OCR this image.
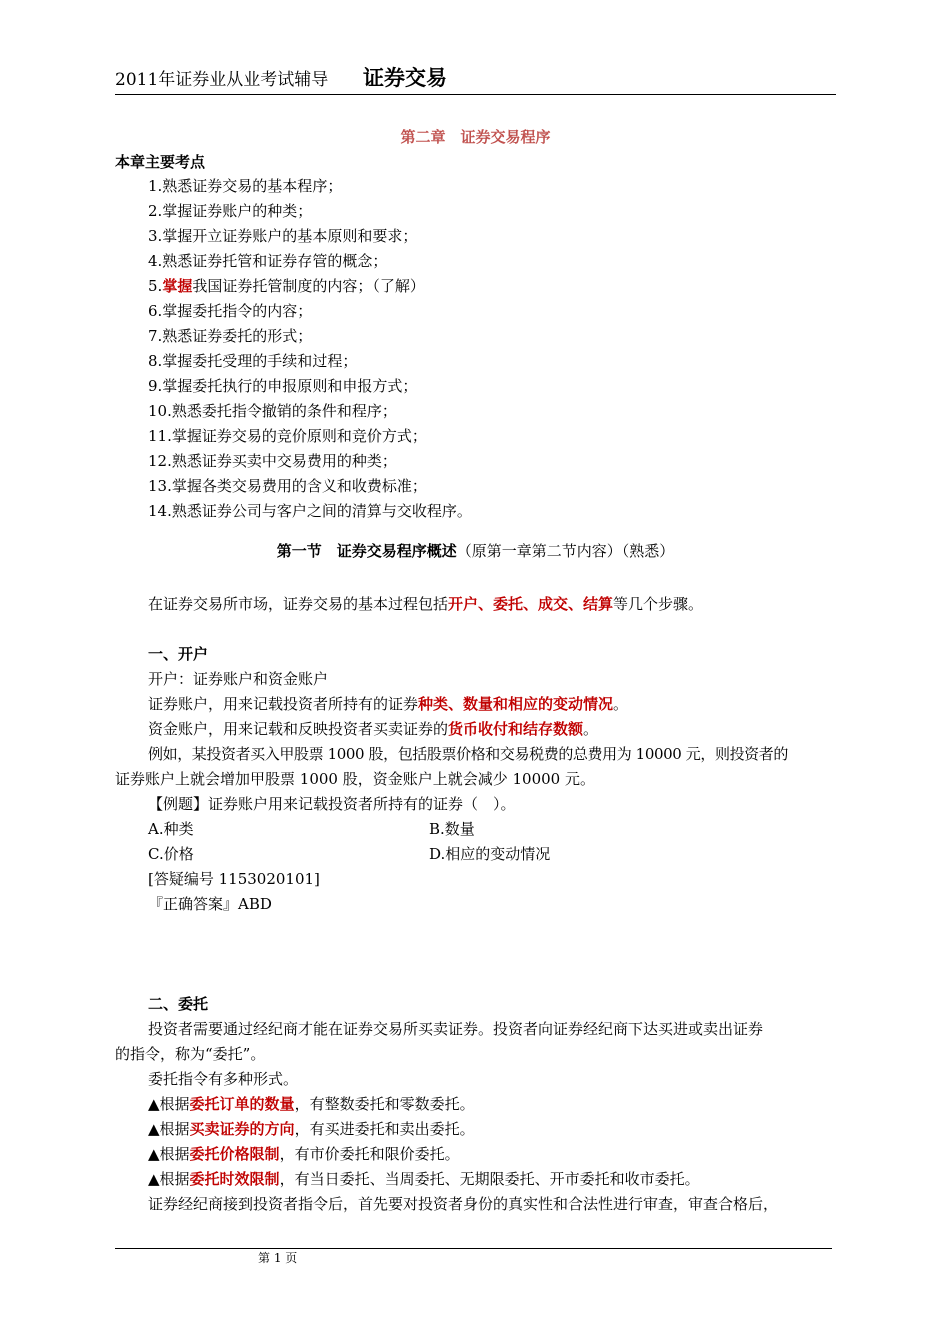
2011年证券业从业考试辅导 证券交易
第二章　证券交易程序
本章主要考点
1.熟悉证券交易的基本程序；
2.掌握证券账户的种类；
3.掌握开立证券账户的基本原则和要求；
4.熟悉证券托管和证券存管的概念；
5.掌握我国证券托管制度的内容；（了解）
6.掌握委托指令的内容；
7.熟悉证券委托的形式；
8.掌握委托受理的手续和过程；
9.掌握委托执行的申报原则和申报方式；
10.熟悉委托指令撤销的条件和程序；
11.掌握证券交易的竞价原则和竞价方式；
12.熟悉证券买卖中交易费用的种类；
13.掌握各类交易费用的含义和收费标准；
14.熟悉证券公司与客户之间的清算与交收程序。
第一节　证券交易程序概述（原第一章第二节内容）（熟悉）
在证券交易所市场，证券交易的基本过程包括开户、委托、成交、结算等几个步骤。
一、开户
开户：证券账户和资金账户
证券账户，用来记载投资者所持有的证券种类、数量和相应的变动情况。
资金账户，用来记载和反映投资者买卖证券的货币收付和结存数额。
例如，某投资者买入甲股票 1000 股，包括股票价格和交易税费的总费用为 10000 元，则投资者的
证券账户上就会增加甲股票 1000 股，资金账户上就会减少 10000 元。
【例题】证券账户用来记载投资者所持有的证券（　）。
A.种类	B.数量
C.价格	D.相应的变动情况
[答疑编号 1153020101]
『正确答案』ABD
二、委托
投资者需要通过经纪商才能在证券交易所买卖证券。投资者向证券经纪商下达买进或卖出证券
的指令，称为“委托”。
委托指令有多种形式。
▲根据委托订单的数量，有整数委托和零数委托。
▲根据买卖证券的方向，有买进委托和卖出委托。
▲根据委托价格限制，有市价委托和限价委托。
▲根据委托时效限制，有当日委托、当周委托、无期限委托、开市委托和收市委托。
证券经纪商接到投资者指令后，首先要对投资者身份的真实性和合法性进行审查，审查合格后，
第 1 页
